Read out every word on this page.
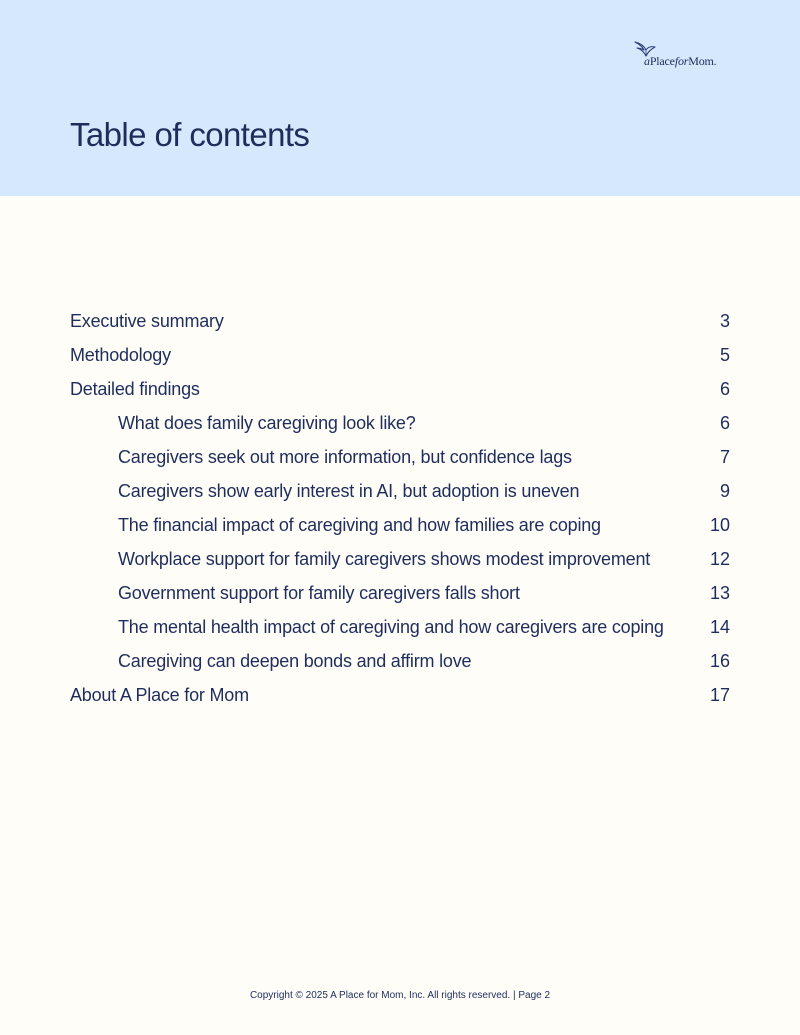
aPlaceforMom.
Table of contents
Executive summary	3
Methodology	5
Detailed findings	6
What does family caregiving look like?	6
Caregivers seek out more information, but confidence lags	7
Caregivers show early interest in AI, but adoption is uneven	9
The financial impact of caregiving and how families are coping	10
Workplace support for family caregivers shows modest improvement	12
Government support for family caregivers falls short	13
The mental health impact of caregiving and how caregivers are coping	14
Caregiving can deepen bonds and affirm love	16
About A Place for Mom	17
Copyright © 2025 A Place for Mom, Inc. All rights reserved. | Page 2
